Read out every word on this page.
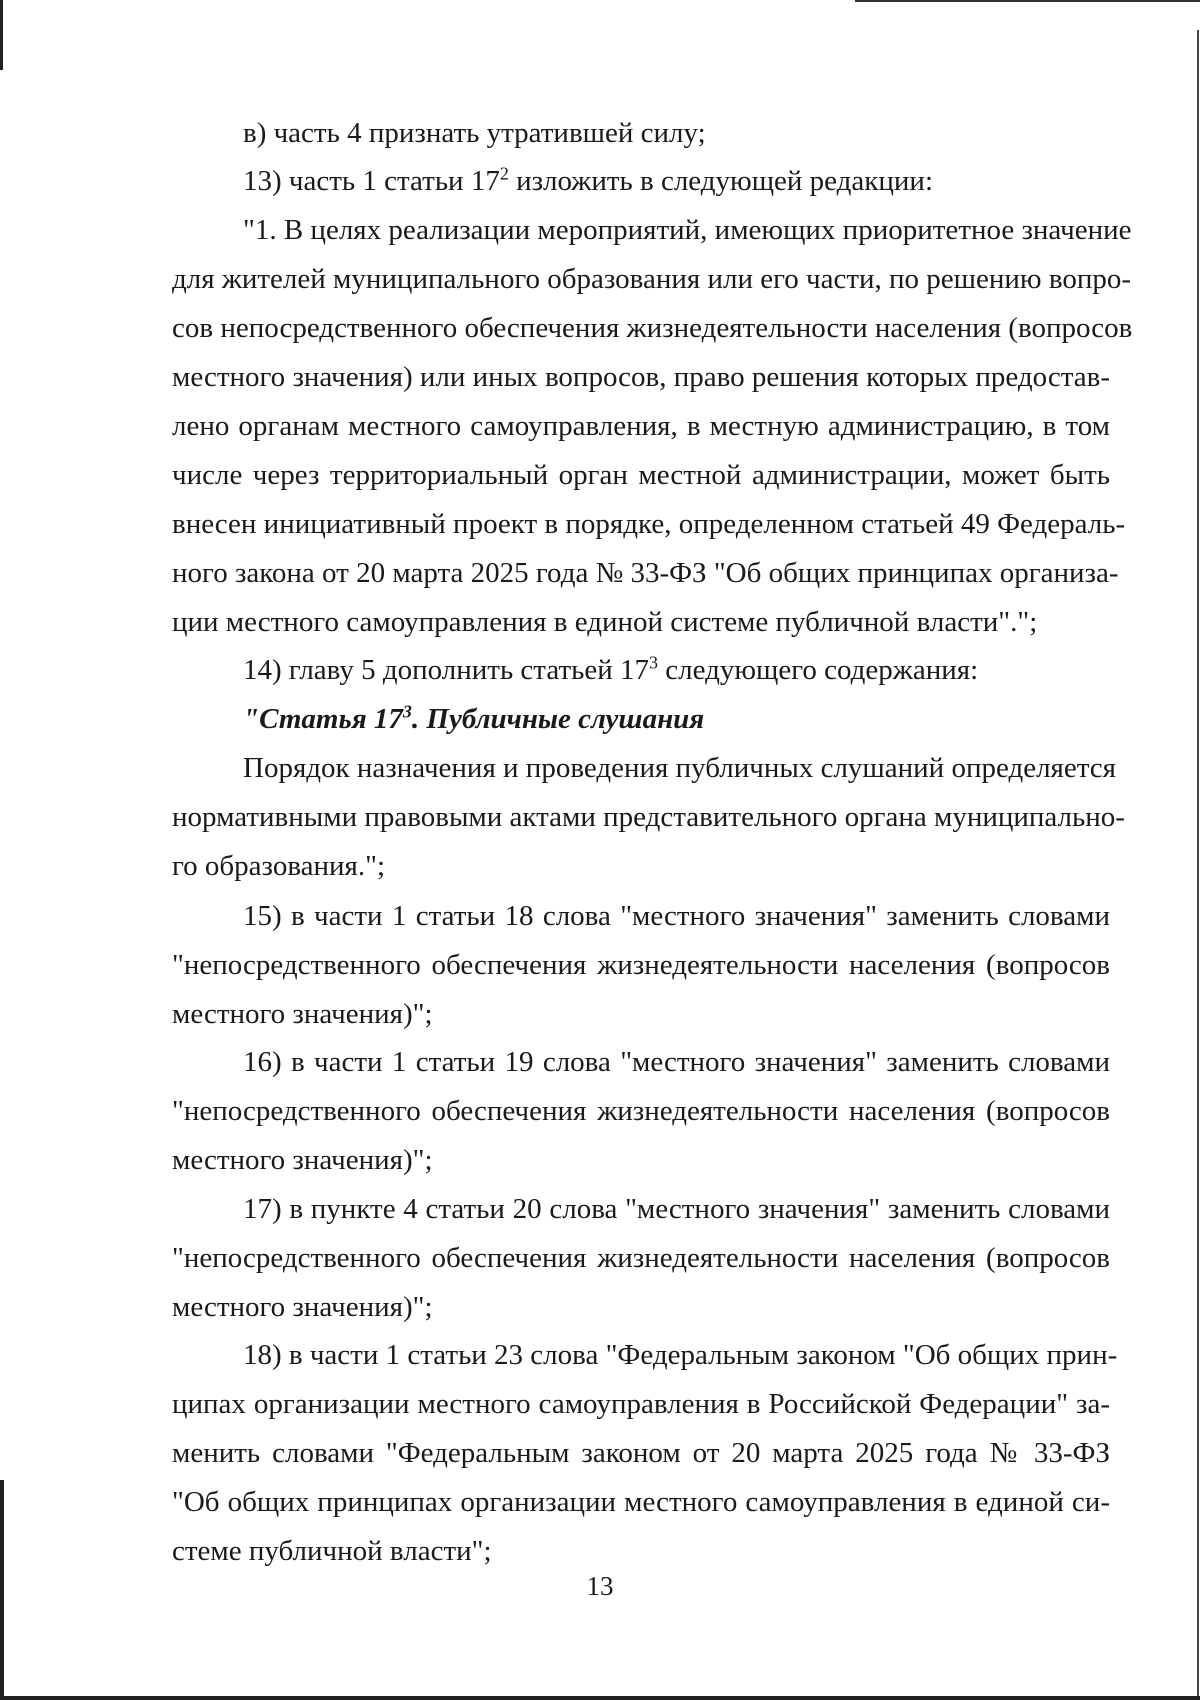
в) часть 4 признать утратившей силу;
13) часть 1 статьи $17^2$ изложить в следующей редакции:
"1. В целях реализации мероприятий, имеющих приоритетное значение
для жителей муниципального образования или его части, по решению вопро-
сов непосредственного обеспечения жизнедеятельности населения (вопросов
местного значения) или иных вопросов, право решения которых предостав-
лено органам местного самоуправления, в местную администрацию, в том
числе через территориальный орган местной администрации, может быть
внесен инициативный проект в порядке, определенном статьей 49 Федераль-
ного закона от 20 марта 2025 года № 33-ФЗ "Об общих принципах организа-
ции местного самоуправления в единой системе публичной власти".";
14) главу 5 дополнить статьей $17^3$ следующего содержания:
"Статья $17^3$. Публичные слушания
Порядок назначения и проведения публичных слушаний определяется
нормативными правовыми актами представительного органа муниципально-
го образования.";
15) в части 1 статьи 18 слова "местного значения" заменить словами
"непосредственного обеспечения жизнедеятельности населения (вопросов
местного значения)";
16) в части 1 статьи 19 слова "местного значения" заменить словами
"непосредственного обеспечения жизнедеятельности населения (вопросов
местного значения)";
17) в пункте 4 статьи 20 слова "местного значения" заменить словами
"непосредственного обеспечения жизнедеятельности населения (вопросов
местного значения)";
18) в части 1 статьи 23 слова "Федеральным законом "Об общих прин-
ципах организации местного самоуправления в Российской Федерации" за-
менить словами "Федеральным законом от 20 марта 2025 года № 33-ФЗ
"Об общих принципах организации местного самоуправления в единой си-
стеме публичной власти";
13
